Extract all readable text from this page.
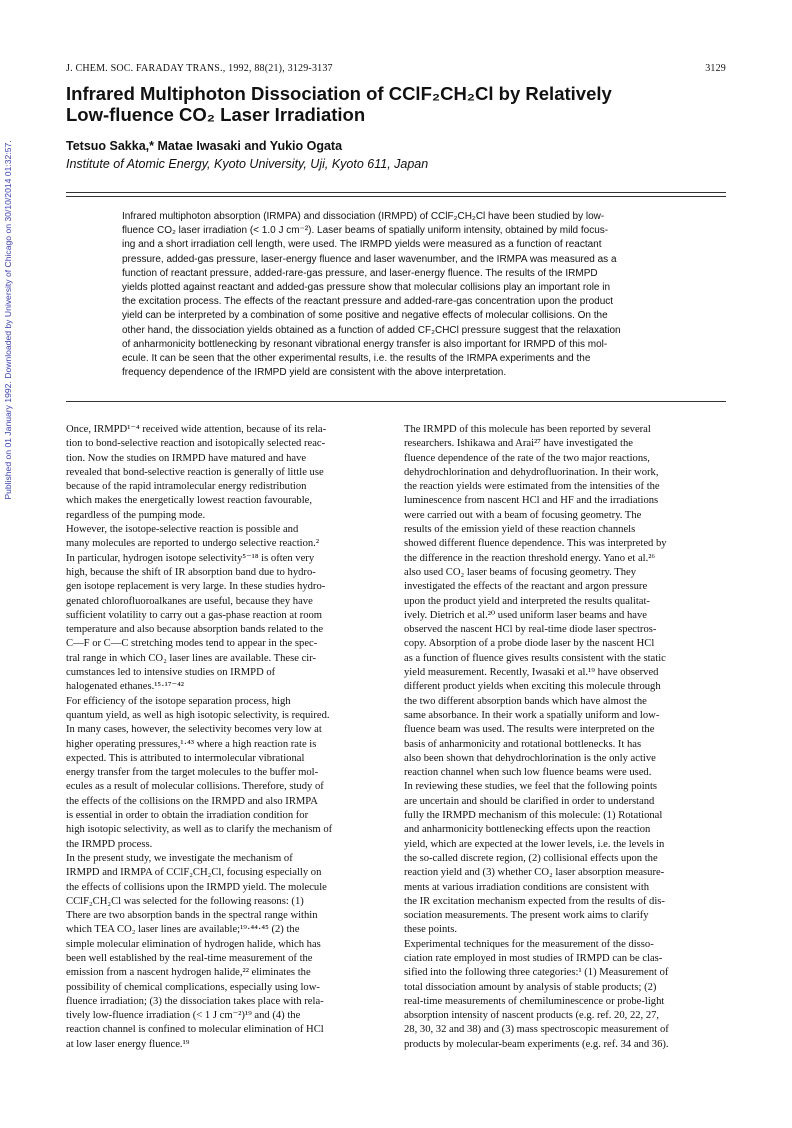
Published on 01 January 1992. Downloaded by University of Chicago on 30/10/2014 01:32:57.
J. CHEM. SOC. FARADAY TRANS., 1992, 88(21), 3129-3137	3129
Infrared Multiphoton Dissociation of CClF₂CH₂Cl by Relatively
Low-fluence CO₂ Laser Irradiation
Tetsuo Sakka,* Matae Iwasaki and Yukio Ogata
Institute of Atomic Energy, Kyoto University, Uji, Kyoto 611, Japan
Infrared multiphoton absorption (IRMPA) and dissociation (IRMPD) of CClF₂CH₂Cl have been studied by low-
fluence CO₂ laser irradiation (< 1.0 J cm⁻²). Laser beams of spatially uniform intensity, obtained by mild focus-
ing and a short irradiation cell length, were used. The IRMPD yields were measured as a function of reactant
pressure, added-gas pressure, laser-energy fluence and laser wavenumber, and the IRMPA was measured as a
function of reactant pressure, added-rare-gas pressure, and laser-energy fluence. The results of the IRMPD
yields plotted against reactant and added-gas pressure show that molecular collisions play an important role in
the excitation process. The effects of the reactant pressure and added-rare-gas concentration upon the product
yield can be interpreted by a combination of some positive and negative effects of molecular collisions. On the
other hand, the dissociation yields obtained as a function of added CF₂CHCl pressure suggest that the relaxation
of anharmonicity bottlenecking by resonant vibrational energy transfer is also important for IRMPD of this mol-
ecule. It can be seen that the other experimental results, i.e. the results of the IRMPA experiments and the
frequency dependence of the IRMPD yield are consistent with the above interpretation.
Once, IRMPD¹⁻⁴ received wide attention, because of its rela-
tion to bond-selective reaction and isotopically selected reac-
tion. Now the studies on IRMPD have matured and have
revealed that bond-selective reaction is generally of little use
because of the rapid intramolecular energy redistribution
which makes the energetically lowest reaction favourable,
regardless of the pumping mode.
However, the isotope-selective reaction is possible and
many molecules are reported to undergo selective reaction.²
In particular, hydrogen isotope selectivity⁵⁻¹⁸ is often very
high, because the shift of IR absorption band due to hydro-
gen isotope replacement is very large. In these studies hydro-
genated chlorofluoroalkanes are useful, because they have
sufficient volatility to carry out a gas-phase reaction at room
temperature and also because absorption bands related to the
C—F or C—C stretching modes tend to appear in the spec-
tral range in which CO₂ laser lines are available. These cir-
cumstances led to intensive studies on IRMPD of
halogenated ethanes.¹⁵·¹⁷⁻⁴²
For efficiency of the isotope separation process, high
quantum yield, as well as high isotopic selectivity, is required.
In many cases, however, the selectivity becomes very low at
higher operating pressures,¹·⁴³ where a high reaction rate is
expected. This is attributed to intermolecular vibrational
energy transfer from the target molecules to the buffer mol-
ecules as a result of molecular collisions. Therefore, study of
the effects of the collisions on the IRMPD and also IRMPA
is essential in order to obtain the irradiation condition for
high isotopic selectivity, as well as to clarify the mechanism of
the IRMPD process.
In the present study, we investigate the mechanism of
IRMPD and IRMPA of CClF₂CH₂Cl, focusing especially on
the effects of collisions upon the IRMPD yield. The molecule
CClF₂CH₂Cl was selected for the following reasons: (1)
There are two absorption bands in the spectral range within
which TEA CO₂ laser lines are available;¹⁹·⁴⁴·⁴⁵ (2) the
simple molecular elimination of hydrogen halide, which has
been well established by the real-time measurement of the
emission from a nascent hydrogen halide,²² eliminates the
possibility of chemical complications, especially using low-
fluence irradiation; (3) the dissociation takes place with rela-
tively low-fluence irradiation (< 1 J cm⁻²)¹⁹ and (4) the
reaction channel is confined to molecular elimination of HCl
at low laser energy fluence.¹⁹
The IRMPD of this molecule has been reported by several
researchers. Ishikawa and Arai²⁷ have investigated the
fluence dependence of the rate of the two major reactions,
dehydrochlorination and dehydrofluorination. In their work,
the reaction yields were estimated from the intensities of the
luminescence from nascent HCl and HF and the irradiations
were carried out with a beam of focusing geometry. The
results of the emission yield of these reaction channels
showed different fluence dependence. This was interpreted by
the difference in the reaction threshold energy. Yano et al.²⁶
also used CO₂ laser beams of focusing geometry. They
investigated the effects of the reactant and argon pressure
upon the product yield and interpreted the results qualitat-
ively. Dietrich et al.²⁰ used uniform laser beams and have
observed the nascent HCl by real-time diode laser spectros-
copy. Absorption of a probe diode laser by the nascent HCl
as a function of fluence gives results consistent with the static
yield measurement. Recently, Iwasaki et al.¹⁹ have observed
different product yields when exciting this molecule through
the two different absorption bands which have almost the
same absorbance. In their work a spatially uniform and low-
fluence beam was used. The results were interpreted on the
basis of anharmonicity and rotational bottlenecks. It has
also been shown that dehydrochlorination is the only active
reaction channel when such low fluence beams were used.
In reviewing these studies, we feel that the following points
are uncertain and should be clarified in order to understand
fully the IRMPD mechanism of this molecule: (1) Rotational
and anharmonicity bottlenecking effects upon the reaction
yield, which are expected at the lower levels, i.e. the levels in
the so-called discrete region, (2) collisional effects upon the
reaction yield and (3) whether CO₂ laser absorption measure-
ments at various irradiation conditions are consistent with
the IR excitation mechanism expected from the results of dis-
sociation measurements. The present work aims to clarify
these points.
Experimental techniques for the measurement of the disso-
ciation rate employed in most studies of IRMPD can be clas-
sified into the following three categories:¹ (1) Measurement of
total dissociation amount by analysis of stable products; (2)
real-time measurements of chemiluminescence or probe-light
absorption intensity of nascent products (e.g. ref. 20, 22, 27,
28, 30, 32 and 38) and (3) mass spectroscopic measurement of
products by molecular-beam experiments (e.g. ref. 34 and 36).
